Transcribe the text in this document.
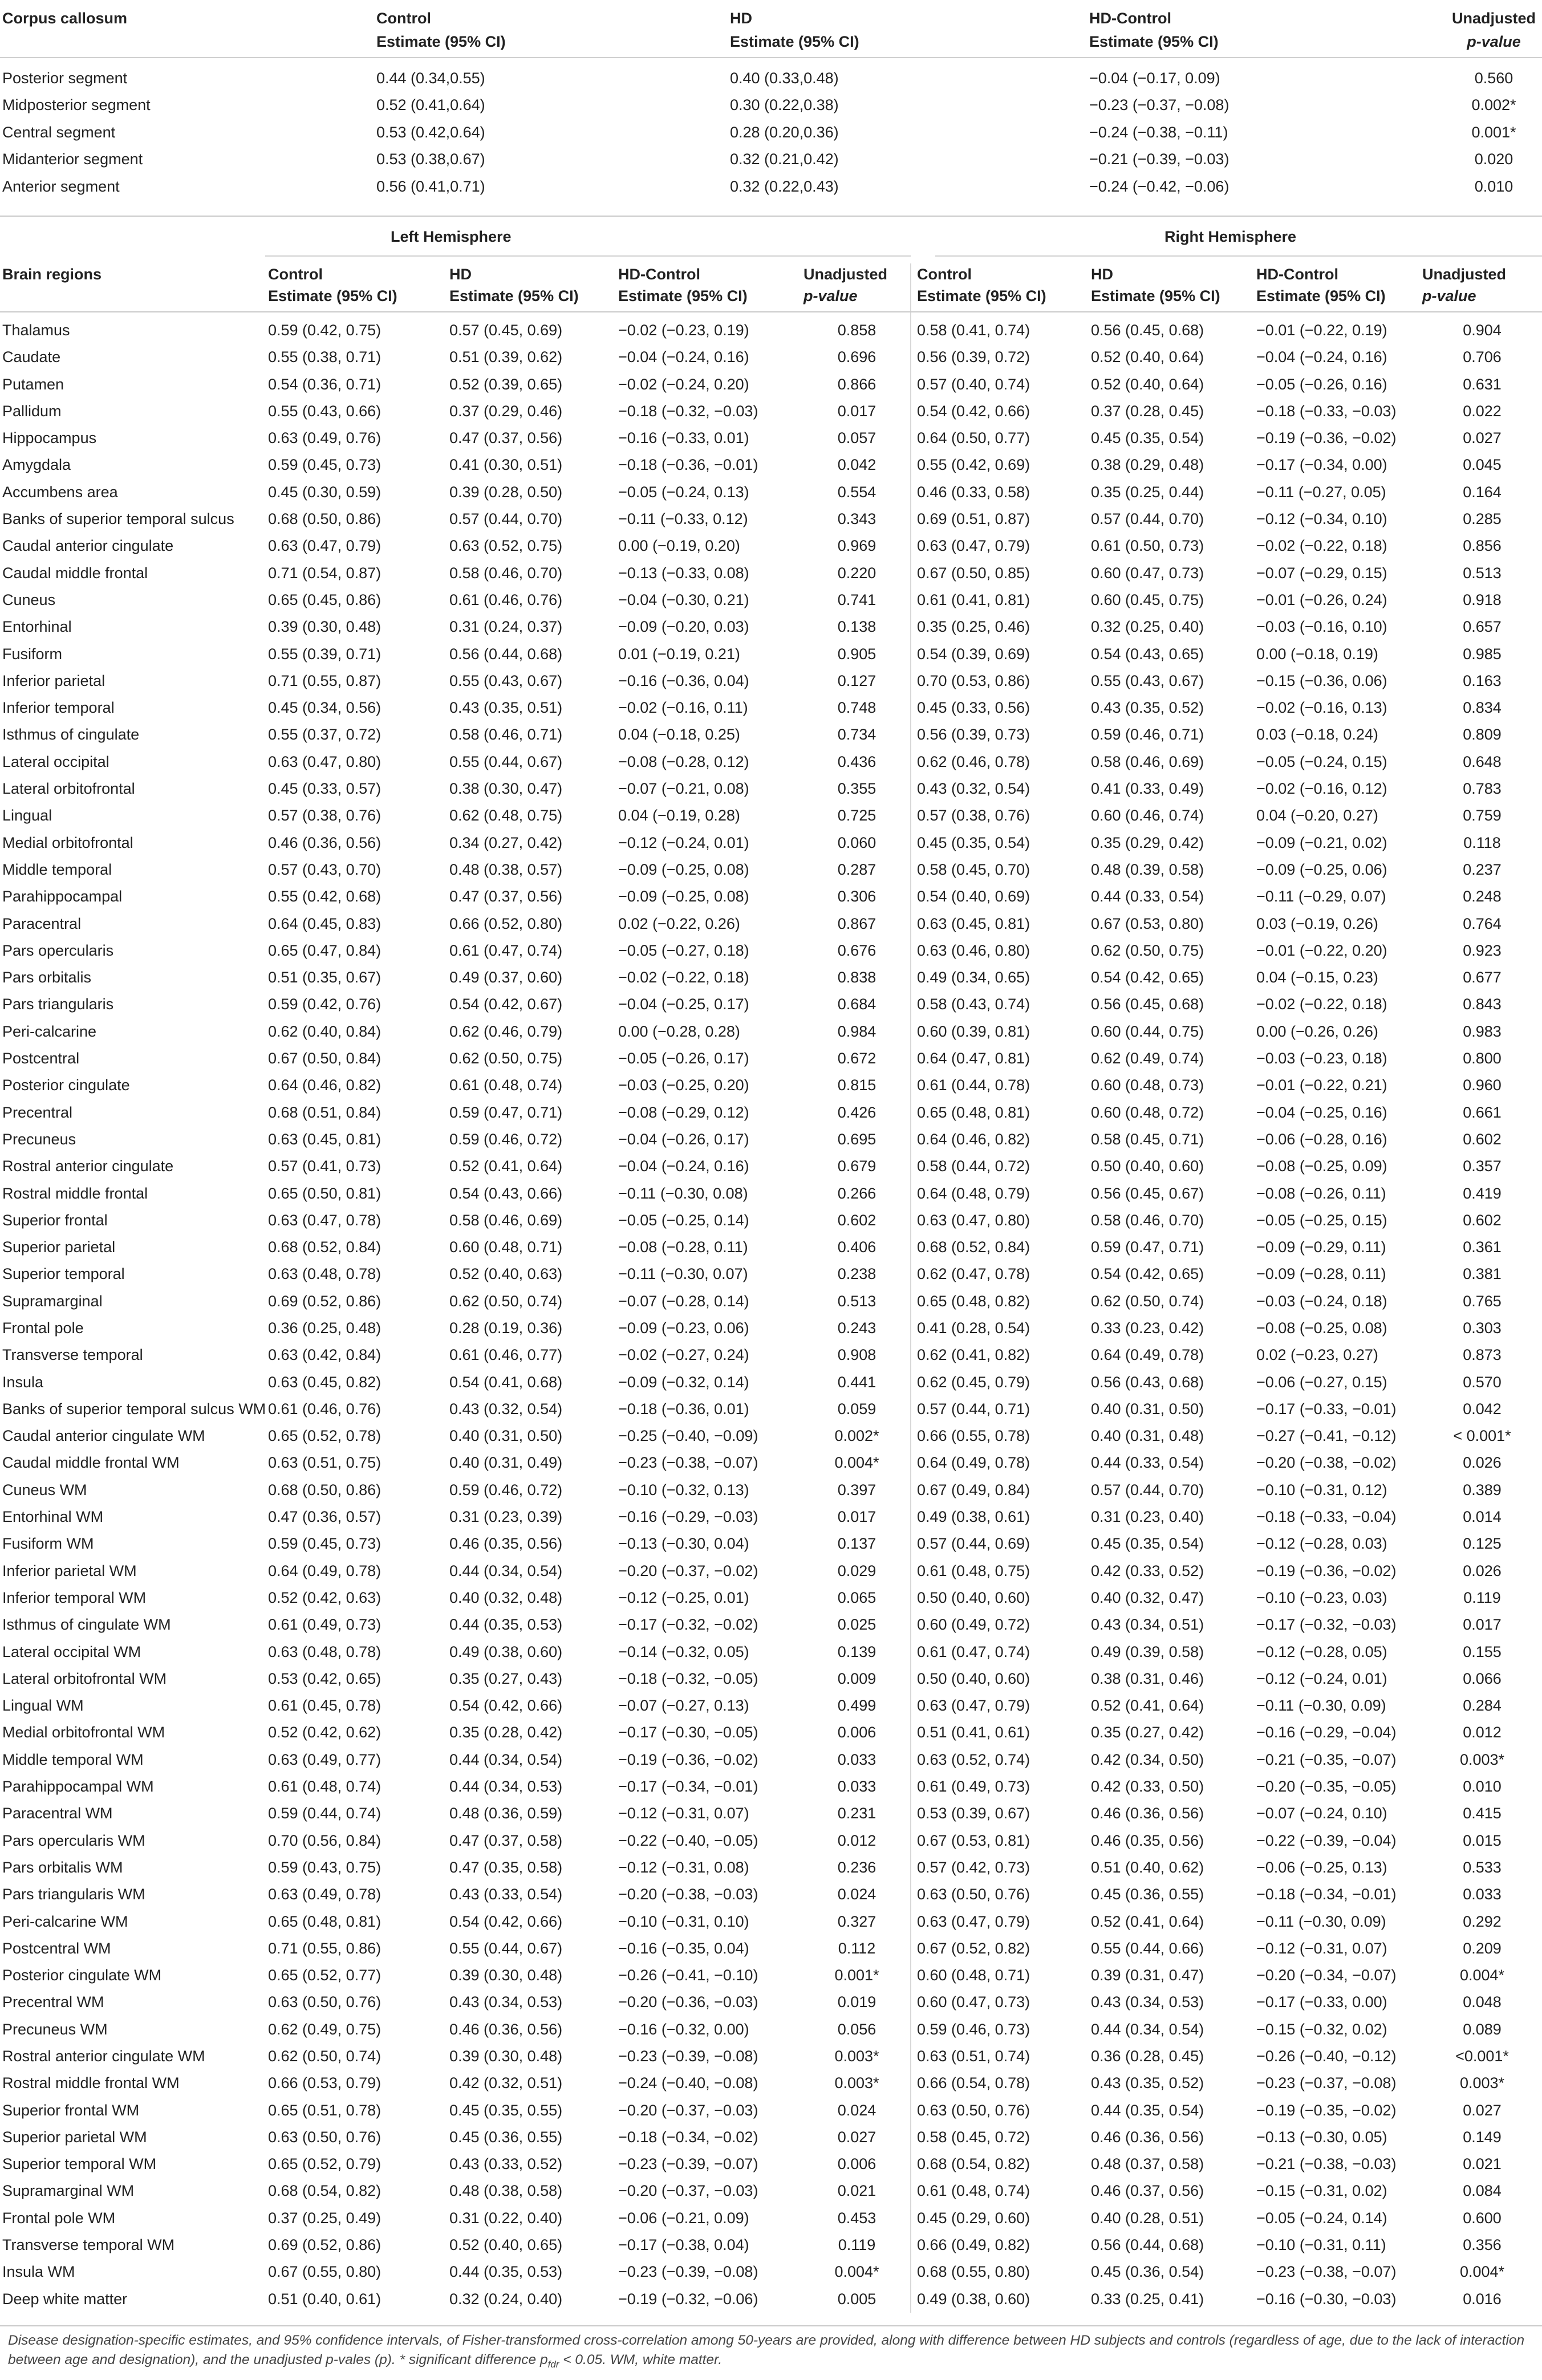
Corpus callosum	Control	HD	HD-Control	Unadjusted
	Estimate (95% CI)	Estimate (95% CI)	Estimate (95% CI)	p-value
Posterior segment	0.44 (0.34,0.55)	0.40 (0.33,0.48)	−0.04 (−0.17, 0.09)	0.560
Midposterior segment	0.52 (0.41,0.64)	0.30 (0.22,0.38)	−0.23 (−0.37, −0.08)	0.002*
Central segment	0.53 (0.42,0.64)	0.28 (0.20,0.36)	−0.24 (−0.38, −0.11)	0.001*
Midanterior segment	0.53 (0.38,0.67)	0.32 (0.21,0.42)	−0.21 (−0.39, −0.03)	0.020
Anterior segment	0.56 (0.41,0.71)	0.32 (0.22,0.43)	−0.24 (−0.42, −0.06)	0.010
Left Hemisphere	Right Hemisphere
Brain regions	Control	HD	HD-Control	Unadjusted	Control	HD	HD-Control	Unadjusted
	Estimate (95% CI)	Estimate (95% CI)	Estimate (95% CI)	p-value	Estimate (95% CI)	Estimate (95% CI)	Estimate (95% CI)	p-value
Thalamus	0.59 (0.42, 0.75)	0.57 (0.45, 0.69)	−0.02 (−0.23, 0.19)	0.858	0.58 (0.41, 0.74)	0.56 (0.45, 0.68)	−0.01 (−0.22, 0.19)	0.904
Caudate	0.55 (0.38, 0.71)	0.51 (0.39, 0.62)	−0.04 (−0.24, 0.16)	0.696	0.56 (0.39, 0.72)	0.52 (0.40, 0.64)	−0.04 (−0.24, 0.16)	0.706
Putamen	0.54 (0.36, 0.71)	0.52 (0.39, 0.65)	−0.02 (−0.24, 0.20)	0.866	0.57 (0.40, 0.74)	0.52 (0.40, 0.64)	−0.05 (−0.26, 0.16)	0.631
Pallidum	0.55 (0.43, 0.66)	0.37 (0.29, 0.46)	−0.18 (−0.32, −0.03)	0.017	0.54 (0.42, 0.66)	0.37 (0.28, 0.45)	−0.18 (−0.33, −0.03)	0.022
Hippocampus	0.63 (0.49, 0.76)	0.47 (0.37, 0.56)	−0.16 (−0.33, 0.01)	0.057	0.64 (0.50, 0.77)	0.45 (0.35, 0.54)	−0.19 (−0.36, −0.02)	0.027
Amygdala	0.59 (0.45, 0.73)	0.41 (0.30, 0.51)	−0.18 (−0.36, −0.01)	0.042	0.55 (0.42, 0.69)	0.38 (0.29, 0.48)	−0.17 (−0.34, 0.00)	0.045
Accumbens area	0.45 (0.30, 0.59)	0.39 (0.28, 0.50)	−0.05 (−0.24, 0.13)	0.554	0.46 (0.33, 0.58)	0.35 (0.25, 0.44)	−0.11 (−0.27, 0.05)	0.164
Banks of superior temporal sulcus	0.68 (0.50, 0.86)	0.57 (0.44, 0.70)	−0.11 (−0.33, 0.12)	0.343	0.69 (0.51, 0.87)	0.57 (0.44, 0.70)	−0.12 (−0.34, 0.10)	0.285
Caudal anterior cingulate	0.63 (0.47, 0.79)	0.63 (0.52, 0.75)	0.00 (−0.19, 0.20)	0.969	0.63 (0.47, 0.79)	0.61 (0.50, 0.73)	−0.02 (−0.22, 0.18)	0.856
Caudal middle frontal	0.71 (0.54, 0.87)	0.58 (0.46, 0.70)	−0.13 (−0.33, 0.08)	0.220	0.67 (0.50, 0.85)	0.60 (0.47, 0.73)	−0.07 (−0.29, 0.15)	0.513
Cuneus	0.65 (0.45, 0.86)	0.61 (0.46, 0.76)	−0.04 (−0.30, 0.21)	0.741	0.61 (0.41, 0.81)	0.60 (0.45, 0.75)	−0.01 (−0.26, 0.24)	0.918
Entorhinal	0.39 (0.30, 0.48)	0.31 (0.24, 0.37)	−0.09 (−0.20, 0.03)	0.138	0.35 (0.25, 0.46)	0.32 (0.25, 0.40)	−0.03 (−0.16, 0.10)	0.657
Fusiform	0.55 (0.39, 0.71)	0.56 (0.44, 0.68)	0.01 (−0.19, 0.21)	0.905	0.54 (0.39, 0.69)	0.54 (0.43, 0.65)	0.00 (−0.18, 0.19)	0.985
Inferior parietal	0.71 (0.55, 0.87)	0.55 (0.43, 0.67)	−0.16 (−0.36, 0.04)	0.127	0.70 (0.53, 0.86)	0.55 (0.43, 0.67)	−0.15 (−0.36, 0.06)	0.163
Inferior temporal	0.45 (0.34, 0.56)	0.43 (0.35, 0.51)	−0.02 (−0.16, 0.11)	0.748	0.45 (0.33, 0.56)	0.43 (0.35, 0.52)	−0.02 (−0.16, 0.13)	0.834
Isthmus of cingulate	0.55 (0.37, 0.72)	0.58 (0.46, 0.71)	0.04 (−0.18, 0.25)	0.734	0.56 (0.39, 0.73)	0.59 (0.46, 0.71)	0.03 (−0.18, 0.24)	0.809
Lateral occipital	0.63 (0.47, 0.80)	0.55 (0.44, 0.67)	−0.08 (−0.28, 0.12)	0.436	0.62 (0.46, 0.78)	0.58 (0.46, 0.69)	−0.05 (−0.24, 0.15)	0.648
Lateral orbitofrontal	0.45 (0.33, 0.57)	0.38 (0.30, 0.47)	−0.07 (−0.21, 0.08)	0.355	0.43 (0.32, 0.54)	0.41 (0.33, 0.49)	−0.02 (−0.16, 0.12)	0.783
Lingual	0.57 (0.38, 0.76)	0.62 (0.48, 0.75)	0.04 (−0.19, 0.28)	0.725	0.57 (0.38, 0.76)	0.60 (0.46, 0.74)	0.04 (−0.20, 0.27)	0.759
Medial orbitofrontal	0.46 (0.36, 0.56)	0.34 (0.27, 0.42)	−0.12 (−0.24, 0.01)	0.060	0.45 (0.35, 0.54)	0.35 (0.29, 0.42)	−0.09 (−0.21, 0.02)	0.118
Middle temporal	0.57 (0.43, 0.70)	0.48 (0.38, 0.57)	−0.09 (−0.25, 0.08)	0.287	0.58 (0.45, 0.70)	0.48 (0.39, 0.58)	−0.09 (−0.25, 0.06)	0.237
Parahippocampal	0.55 (0.42, 0.68)	0.47 (0.37, 0.56)	−0.09 (−0.25, 0.08)	0.306	0.54 (0.40, 0.69)	0.44 (0.33, 0.54)	−0.11 (−0.29, 0.07)	0.248
Paracentral	0.64 (0.45, 0.83)	0.66 (0.52, 0.80)	0.02 (−0.22, 0.26)	0.867	0.63 (0.45, 0.81)	0.67 (0.53, 0.80)	0.03 (−0.19, 0.26)	0.764
Pars opercularis	0.65 (0.47, 0.84)	0.61 (0.47, 0.74)	−0.05 (−0.27, 0.18)	0.676	0.63 (0.46, 0.80)	0.62 (0.50, 0.75)	−0.01 (−0.22, 0.20)	0.923
Pars orbitalis	0.51 (0.35, 0.67)	0.49 (0.37, 0.60)	−0.02 (−0.22, 0.18)	0.838	0.49 (0.34, 0.65)	0.54 (0.42, 0.65)	0.04 (−0.15, 0.23)	0.677
Pars triangularis	0.59 (0.42, 0.76)	0.54 (0.42, 0.67)	−0.04 (−0.25, 0.17)	0.684	0.58 (0.43, 0.74)	0.56 (0.45, 0.68)	−0.02 (−0.22, 0.18)	0.843
Peri-calcarine	0.62 (0.40, 0.84)	0.62 (0.46, 0.79)	0.00 (−0.28, 0.28)	0.984	0.60 (0.39, 0.81)	0.60 (0.44, 0.75)	0.00 (−0.26, 0.26)	0.983
Postcentral	0.67 (0.50, 0.84)	0.62 (0.50, 0.75)	−0.05 (−0.26, 0.17)	0.672	0.64 (0.47, 0.81)	0.62 (0.49, 0.74)	−0.03 (−0.23, 0.18)	0.800
Posterior cingulate	0.64 (0.46, 0.82)	0.61 (0.48, 0.74)	−0.03 (−0.25, 0.20)	0.815	0.61 (0.44, 0.78)	0.60 (0.48, 0.73)	−0.01 (−0.22, 0.21)	0.960
Precentral	0.68 (0.51, 0.84)	0.59 (0.47, 0.71)	−0.08 (−0.29, 0.12)	0.426	0.65 (0.48, 0.81)	0.60 (0.48, 0.72)	−0.04 (−0.25, 0.16)	0.661
Precuneus	0.63 (0.45, 0.81)	0.59 (0.46, 0.72)	−0.04 (−0.26, 0.17)	0.695	0.64 (0.46, 0.82)	0.58 (0.45, 0.71)	−0.06 (−0.28, 0.16)	0.602
Rostral anterior cingulate	0.57 (0.41, 0.73)	0.52 (0.41, 0.64)	−0.04 (−0.24, 0.16)	0.679	0.58 (0.44, 0.72)	0.50 (0.40, 0.60)	−0.08 (−0.25, 0.09)	0.357
Rostral middle frontal	0.65 (0.50, 0.81)	0.54 (0.43, 0.66)	−0.11 (−0.30, 0.08)	0.266	0.64 (0.48, 0.79)	0.56 (0.45, 0.67)	−0.08 (−0.26, 0.11)	0.419
Superior frontal	0.63 (0.47, 0.78)	0.58 (0.46, 0.69)	−0.05 (−0.25, 0.14)	0.602	0.63 (0.47, 0.80)	0.58 (0.46, 0.70)	−0.05 (−0.25, 0.15)	0.602
Superior parietal	0.68 (0.52, 0.84)	0.60 (0.48, 0.71)	−0.08 (−0.28, 0.11)	0.406	0.68 (0.52, 0.84)	0.59 (0.47, 0.71)	−0.09 (−0.29, 0.11)	0.361
Superior temporal	0.63 (0.48, 0.78)	0.52 (0.40, 0.63)	−0.11 (−0.30, 0.07)	0.238	0.62 (0.47, 0.78)	0.54 (0.42, 0.65)	−0.09 (−0.28, 0.11)	0.381
Supramarginal	0.69 (0.52, 0.86)	0.62 (0.50, 0.74)	−0.07 (−0.28, 0.14)	0.513	0.65 (0.48, 0.82)	0.62 (0.50, 0.74)	−0.03 (−0.24, 0.18)	0.765
Frontal pole	0.36 (0.25, 0.48)	0.28 (0.19, 0.36)	−0.09 (−0.23, 0.06)	0.243	0.41 (0.28, 0.54)	0.33 (0.23, 0.42)	−0.08 (−0.25, 0.08)	0.303
Transverse temporal	0.63 (0.42, 0.84)	0.61 (0.46, 0.77)	−0.02 (−0.27, 0.24)	0.908	0.62 (0.41, 0.82)	0.64 (0.49, 0.78)	0.02 (−0.23, 0.27)	0.873
Insula	0.63 (0.45, 0.82)	0.54 (0.41, 0.68)	−0.09 (−0.32, 0.14)	0.441	0.62 (0.45, 0.79)	0.56 (0.43, 0.68)	−0.06 (−0.27, 0.15)	0.570
Banks of superior temporal sulcus WM	0.61 (0.46, 0.76)	0.43 (0.32, 0.54)	−0.18 (−0.36, 0.01)	0.059	0.57 (0.44, 0.71)	0.40 (0.31, 0.50)	−0.17 (−0.33, −0.01)	0.042
Caudal anterior cingulate WM	0.65 (0.52, 0.78)	0.40 (0.31, 0.50)	−0.25 (−0.40, −0.09)	0.002*	0.66 (0.55, 0.78)	0.40 (0.31, 0.48)	−0.27 (−0.41, −0.12)	< 0.001*
Caudal middle frontal WM	0.63 (0.51, 0.75)	0.40 (0.31, 0.49)	−0.23 (−0.38, −0.07)	0.004*	0.64 (0.49, 0.78)	0.44 (0.33, 0.54)	−0.20 (−0.38, −0.02)	0.026
Cuneus WM	0.68 (0.50, 0.86)	0.59 (0.46, 0.72)	−0.10 (−0.32, 0.13)	0.397	0.67 (0.49, 0.84)	0.57 (0.44, 0.70)	−0.10 (−0.31, 0.12)	0.389
Entorhinal WM	0.47 (0.36, 0.57)	0.31 (0.23, 0.39)	−0.16 (−0.29, −0.03)	0.017	0.49 (0.38, 0.61)	0.31 (0.23, 0.40)	−0.18 (−0.33, −0.04)	0.014
Fusiform WM	0.59 (0.45, 0.73)	0.46 (0.35, 0.56)	−0.13 (−0.30, 0.04)	0.137	0.57 (0.44, 0.69)	0.45 (0.35, 0.54)	−0.12 (−0.28, 0.03)	0.125
Inferior parietal WM	0.64 (0.49, 0.78)	0.44 (0.34, 0.54)	−0.20 (−0.37, −0.02)	0.029	0.61 (0.48, 0.75)	0.42 (0.33, 0.52)	−0.19 (−0.36, −0.02)	0.026
Inferior temporal WM	0.52 (0.42, 0.63)	0.40 (0.32, 0.48)	−0.12 (−0.25, 0.01)	0.065	0.50 (0.40, 0.60)	0.40 (0.32, 0.47)	−0.10 (−0.23, 0.03)	0.119
Isthmus of cingulate WM	0.61 (0.49, 0.73)	0.44 (0.35, 0.53)	−0.17 (−0.32, −0.02)	0.025	0.60 (0.49, 0.72)	0.43 (0.34, 0.51)	−0.17 (−0.32, −0.03)	0.017
Lateral occipital WM	0.63 (0.48, 0.78)	0.49 (0.38, 0.60)	−0.14 (−0.32, 0.05)	0.139	0.61 (0.47, 0.74)	0.49 (0.39, 0.58)	−0.12 (−0.28, 0.05)	0.155
Lateral orbitofrontal WM	0.53 (0.42, 0.65)	0.35 (0.27, 0.43)	−0.18 (−0.32, −0.05)	0.009	0.50 (0.40, 0.60)	0.38 (0.31, 0.46)	−0.12 (−0.24, 0.01)	0.066
Lingual WM	0.61 (0.45, 0.78)	0.54 (0.42, 0.66)	−0.07 (−0.27, 0.13)	0.499	0.63 (0.47, 0.79)	0.52 (0.41, 0.64)	−0.11 (−0.30, 0.09)	0.284
Medial orbitofrontal WM	0.52 (0.42, 0.62)	0.35 (0.28, 0.42)	−0.17 (−0.30, −0.05)	0.006	0.51 (0.41, 0.61)	0.35 (0.27, 0.42)	−0.16 (−0.29, −0.04)	0.012
Middle temporal WM	0.63 (0.49, 0.77)	0.44 (0.34, 0.54)	−0.19 (−0.36, −0.02)	0.033	0.63 (0.52, 0.74)	0.42 (0.34, 0.50)	−0.21 (−0.35, −0.07)	0.003*
Parahippocampal WM	0.61 (0.48, 0.74)	0.44 (0.34, 0.53)	−0.17 (−0.34, −0.01)	0.033	0.61 (0.49, 0.73)	0.42 (0.33, 0.50)	−0.20 (−0.35, −0.05)	0.010
Paracentral WM	0.59 (0.44, 0.74)	0.48 (0.36, 0.59)	−0.12 (−0.31, 0.07)	0.231	0.53 (0.39, 0.67)	0.46 (0.36, 0.56)	−0.07 (−0.24, 0.10)	0.415
Pars opercularis WM	0.70 (0.56, 0.84)	0.47 (0.37, 0.58)	−0.22 (−0.40, −0.05)	0.012	0.67 (0.53, 0.81)	0.46 (0.35, 0.56)	−0.22 (−0.39, −0.04)	0.015
Pars orbitalis WM	0.59 (0.43, 0.75)	0.47 (0.35, 0.58)	−0.12 (−0.31, 0.08)	0.236	0.57 (0.42, 0.73)	0.51 (0.40, 0.62)	−0.06 (−0.25, 0.13)	0.533
Pars triangularis WM	0.63 (0.49, 0.78)	0.43 (0.33, 0.54)	−0.20 (−0.38, −0.03)	0.024	0.63 (0.50, 0.76)	0.45 (0.36, 0.55)	−0.18 (−0.34, −0.01)	0.033
Peri-calcarine WM	0.65 (0.48, 0.81)	0.54 (0.42, 0.66)	−0.10 (−0.31, 0.10)	0.327	0.63 (0.47, 0.79)	0.52 (0.41, 0.64)	−0.11 (−0.30, 0.09)	0.292
Postcentral WM	0.71 (0.55, 0.86)	0.55 (0.44, 0.67)	−0.16 (−0.35, 0.04)	0.112	0.67 (0.52, 0.82)	0.55 (0.44, 0.66)	−0.12 (−0.31, 0.07)	0.209
Posterior cingulate WM	0.65 (0.52, 0.77)	0.39 (0.30, 0.48)	−0.26 (−0.41, −0.10)	0.001*	0.60 (0.48, 0.71)	0.39 (0.31, 0.47)	−0.20 (−0.34, −0.07)	0.004*
Precentral WM	0.63 (0.50, 0.76)	0.43 (0.34, 0.53)	−0.20 (−0.36, −0.03)	0.019	0.60 (0.47, 0.73)	0.43 (0.34, 0.53)	−0.17 (−0.33, 0.00)	0.048
Precuneus WM	0.62 (0.49, 0.75)	0.46 (0.36, 0.56)	−0.16 (−0.32, 0.00)	0.056	0.59 (0.46, 0.73)	0.44 (0.34, 0.54)	−0.15 (−0.32, 0.02)	0.089
Rostral anterior cingulate WM	0.62 (0.50, 0.74)	0.39 (0.30, 0.48)	−0.23 (−0.39, −0.08)	0.003*	0.63 (0.51, 0.74)	0.36 (0.28, 0.45)	−0.26 (−0.40, −0.12)	<0.001*
Rostral middle frontal WM	0.66 (0.53, 0.79)	0.42 (0.32, 0.51)	−0.24 (−0.40, −0.08)	0.003*	0.66 (0.54, 0.78)	0.43 (0.35, 0.52)	−0.23 (−0.37, −0.08)	0.003*
Superior frontal WM	0.65 (0.51, 0.78)	0.45 (0.35, 0.55)	−0.20 (−0.37, −0.03)	0.024	0.63 (0.50, 0.76)	0.44 (0.35, 0.54)	−0.19 (−0.35, −0.02)	0.027
Superior parietal WM	0.63 (0.50, 0.76)	0.45 (0.36, 0.55)	−0.18 (−0.34, −0.02)	0.027	0.58 (0.45, 0.72)	0.46 (0.36, 0.56)	−0.13 (−0.30, 0.05)	0.149
Superior temporal WM	0.65 (0.52, 0.79)	0.43 (0.33, 0.52)	−0.23 (−0.39, −0.07)	0.006	0.68 (0.54, 0.82)	0.48 (0.37, 0.58)	−0.21 (−0.38, −0.03)	0.021
Supramarginal WM	0.68 (0.54, 0.82)	0.48 (0.38, 0.58)	−0.20 (−0.37, −0.03)	0.021	0.61 (0.48, 0.74)	0.46 (0.37, 0.56)	−0.15 (−0.31, 0.02)	0.084
Frontal pole WM	0.37 (0.25, 0.49)	0.31 (0.22, 0.40)	−0.06 (−0.21, 0.09)	0.453	0.45 (0.29, 0.60)	0.40 (0.28, 0.51)	−0.05 (−0.24, 0.14)	0.600
Transverse temporal WM	0.69 (0.52, 0.86)	0.52 (0.40, 0.65)	−0.17 (−0.38, 0.04)	0.119	0.66 (0.49, 0.82)	0.56 (0.44, 0.68)	−0.10 (−0.31, 0.11)	0.356
Insula WM	0.67 (0.55, 0.80)	0.44 (0.35, 0.53)	−0.23 (−0.39, −0.08)	0.004*	0.68 (0.55, 0.80)	0.45 (0.36, 0.54)	−0.23 (−0.38, −0.07)	0.004*
Deep white matter	0.51 (0.40, 0.61)	0.32 (0.24, 0.40)	−0.19 (−0.32, −0.06)	0.005	0.49 (0.38, 0.60)	0.33 (0.25, 0.41)	−0.16 (−0.30, −0.03)	0.016
Disease designation-specific estimates, and 95% confidence intervals, of Fisher-transformed cross-correlation among 50-years are provided, along with difference between HD subjects and controls (regardless of age, due to the lack of interaction between age and designation), and the unadjusted p-vales (p). * significant difference $p_{fdr} < 0.05$. WM, white matter.
